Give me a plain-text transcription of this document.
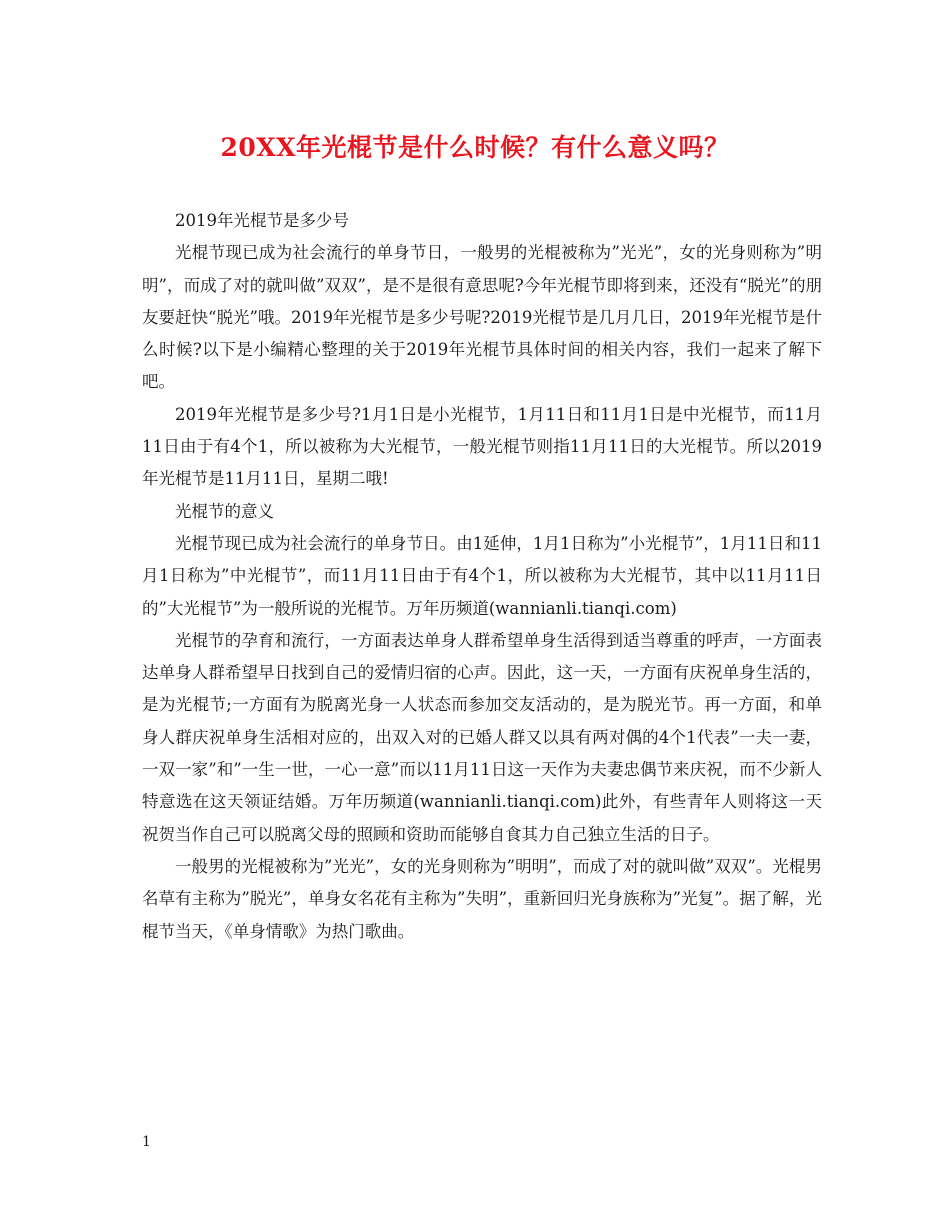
20XX年光棍节是什么时候？有什么意义吗？

2019年光棍节是多少号

光棍节现已成为社会流行的单身节日，一般男的光棍被称为”光光”，女的光身则称为”明明”，而成了对的就叫做”双双”，是不是很有意思呢?今年光棍节即将到来，还没有“脱光”的朋友要赶快“脱光”哦。2019年光棍节是多少号呢?2019光棍节是几月几日，2019年光棍节是什么时候?以下是小编精心整理的关于2019年光棍节具体时间的相关内容，我们一起来了解下吧。

2019年光棍节是多少号?1月1日是小光棍节，1月11日和11月1日是中光棍节，而11月11日由于有4个1，所以被称为大光棍节，一般光棍节则指11月11日的大光棍节。所以2019年光棍节是11月11日，星期二哦!

光棍节的意义

光棍节现已成为社会流行的单身节日。由1延伸，1月1日称为”小光棍节”，1月11日和11月1日称为”中光棍节”，而11月11日由于有4个1，所以被称为大光棍节，其中以11月11日的”大光棍节”为一般所说的光棍节。万年历频道(wannianli.tianqi.com)

光棍节的孕育和流行，一方面表达单身人群希望单身生活得到适当尊重的呼声，一方面表达单身人群希望早日找到自己的爱情归宿的心声。因此，这一天，一方面有庆祝单身生活的，是为光棍节;一方面有为脱离光身一人状态而参加交友活动的，是为脱光节。再一方面，和单身人群庆祝单身生活相对应的，出双入对的已婚人群又以具有两对偶的4个1代表”一夫一妻，一双一家”和”一生一世，一心一意”而以11月11日这一天作为夫妻忠偶节来庆祝，而不少新人特意选在这天领证结婚。万年历频道(wannianli.tianqi.com)此外，有些青年人则将这一天祝贺当作自己可以脱离父母的照顾和资助而能够自食其力自己独立生活的日子。

一般男的光棍被称为”光光”，女的光身则称为”明明”，而成了对的就叫做”双双”。光棍男名草有主称为”脱光”，单身女名花有主称为”失明”，重新回归光身族称为”光复”。据了解，光棍节当天，《单身情歌》为热门歌曲。

1
